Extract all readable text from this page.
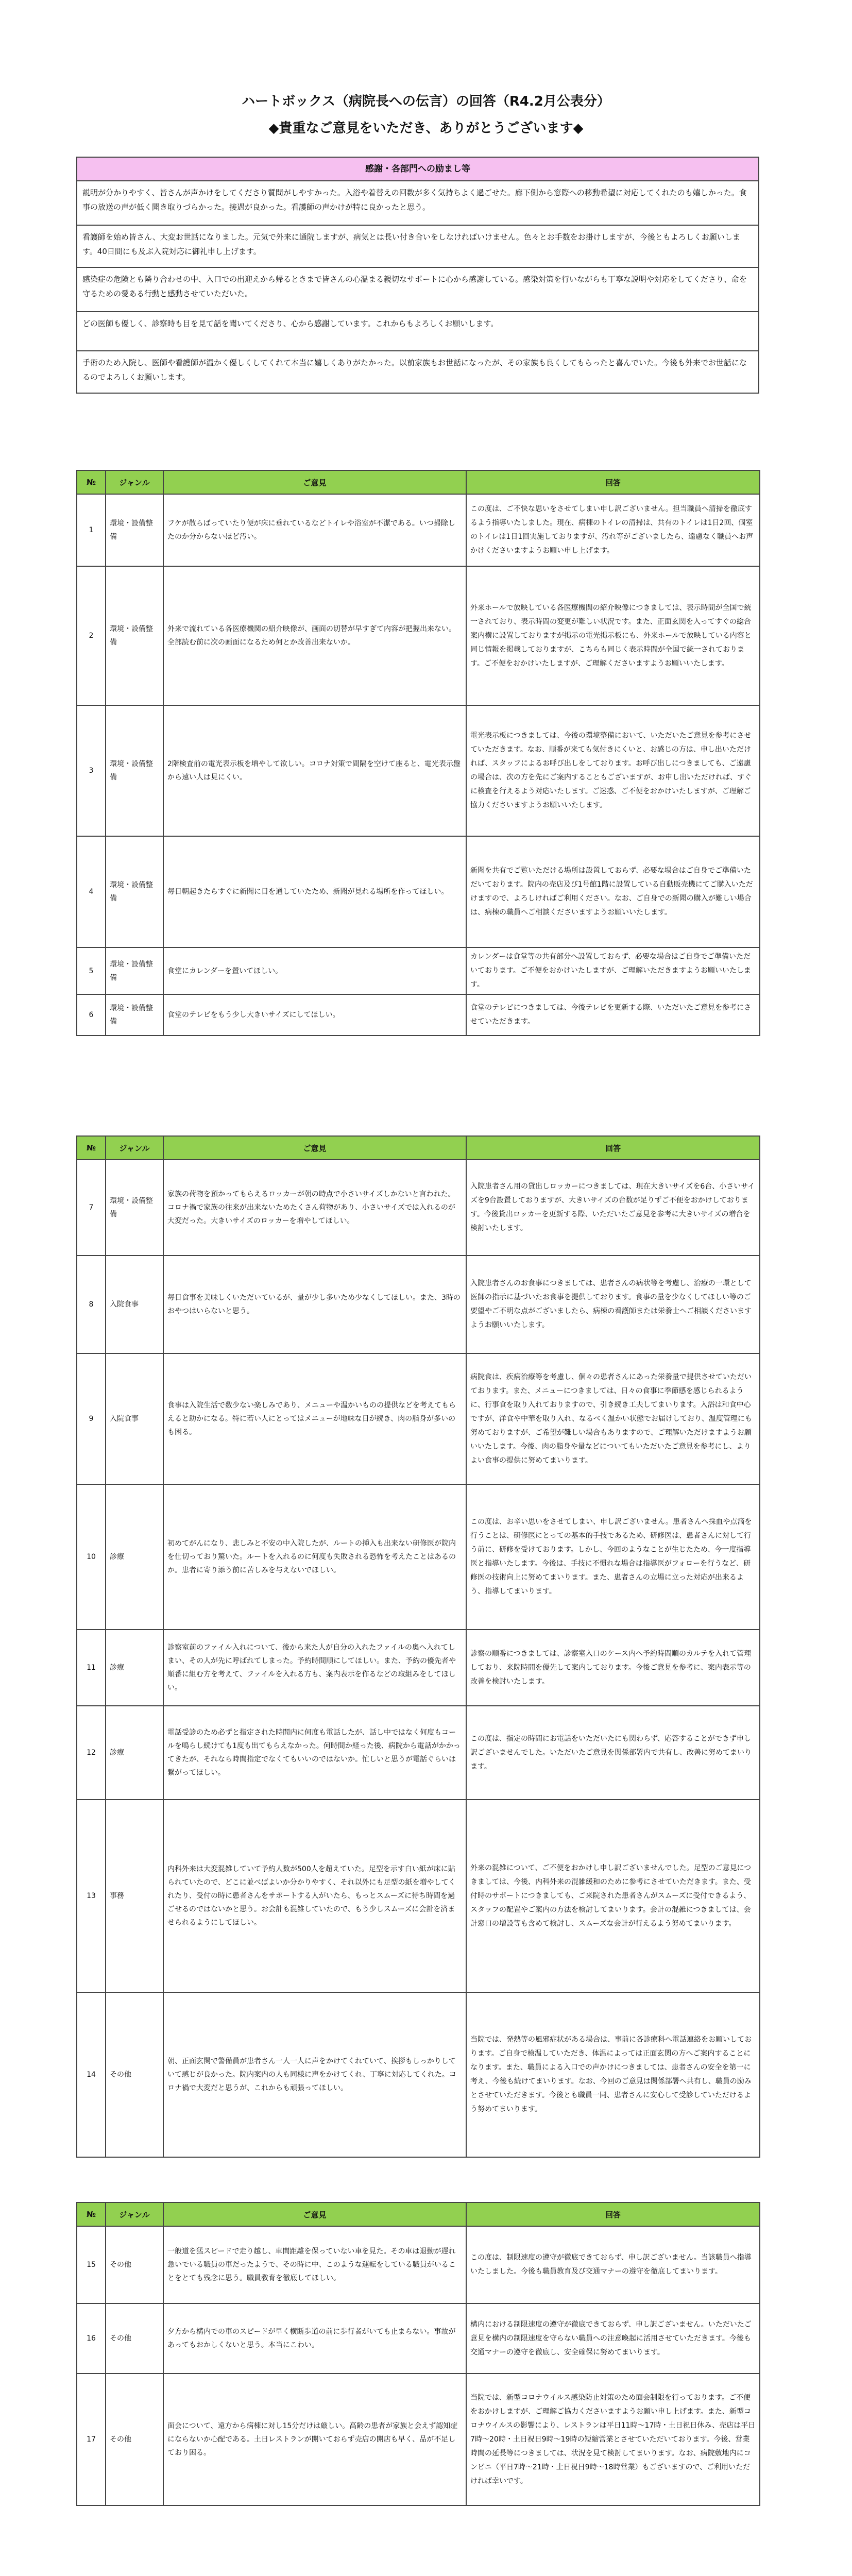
ハートボックス（病院長への伝言）の回答（R4.2月公表分）
◆貴重なご意見をいただき、ありがとうございます◆
感謝・各部門への励まし等
説明が分かりやすく、皆さんが声かけをしてくださり質問がしやすかった。入浴や着替えの回数が多く気持ちよく過ごせた。廊下側から窓際への移動希望に対応してくれたのも嬉しかった。食事の放送の声が低く聞き取りづらかった。接遇が良かった。看護師の声かけが特に良かったと思う。
看護師を始め皆さん、大変お世話になりました。元気で外来に通院しますが、病気とは長い付き合いをしなければいけません。色々とお手数をお掛けしますが、今後ともよろしくお願いします。40日間にも及ぶ入院対応に御礼申し上げます。
感染症の危険とも隣り合わせの中、入口での出迎えから帰るときまで皆さんの心温まる親切なサポートに心から感謝している。感染対策を行いながらも丁寧な説明や対応をしてくださり、命を守るための愛ある行動と感動させていただいた。
どの医師も優しく、診察時も目を見て話を聞いてくださり、心から感謝しています。これからもよろしくお願いします。
手術のため入院し、医師や看護師が温かく優しくしてくれて本当に嬉しくありがたかった。以前家族もお世話になったが、その家族も良くしてもらったと喜んでいた。今後も外来でお世話になるのでよろしくお願いします。
№	ジャンル	ご意見	回答
1	環境・設備整備	フケが散らばっていたり便が床に垂れているなどトイレや浴室が不潔である。いつ掃除したのか分からないほど汚い。	この度は、ご不快な思いをさせてしまい申し訳ございません。担当職員へ清掃を徹底するよう指導いたしました。現在、病棟のトイレの清掃は、共有のトイレは1日2回、個室のトイレは1日1回実施しておりますが、汚れ等がございましたら、遠慮なく職員へお声かけくださいますようお願い申し上げます。
2	環境・設備整備	外来で流れている各医療機関の紹介映像が、画面の切替が早すぎて内容が把握出来ない。全部読む前に次の画面になるため何とか改善出来ないか。	外来ホールで放映している各医療機関の紹介映像につきましては、表示時間が全国で統一されており、表示時間の変更が難しい状況です。また、正面玄関を入ってすぐの総合案内横に設置しておりますが掲示の電光掲示板にも、外来ホールで放映している内容と同じ情報を掲載しておりますが、こちらも同じく表示時間が全国で統一されております。ご不便をおかけいたしますが、ご理解くださいますようお願いいたします。
3	環境・設備整備	2階検査前の電光表示板を増やして欲しい。コロナ対策で間隔を空けて座ると、電光表示盤から遠い人は見にくい。	電光表示板につきましては、今後の環境整備において、いただいたご意見を参考にさせていただきます。なお、順番が来ても気付きにくいと、お感じの方は、申し出いただければ、スタッフによるお呼び出しをしております。お呼び出しにつきましても、ご遠慮の場合は、次の方を先にご案内することもございますが、お申し出いただければ、すぐに検査を行えるよう対応いたします。ご迷惑、ご不便をおかけいたしますが、ご理解ご協力くださいますようお願いいたします。
4	環境・設備整備	毎日朝起きたらすぐに新聞に目を通していたため、新聞が見れる場所を作ってほしい。	新聞を共有でご覧いただける場所は設置しておらず、必要な場合はご自身でご準備いただいております。院内の売店及び1号館1階に設置している自動販売機にてご購入いただけますので、よろしければご利用ください。なお、ご自身での新聞の購入が難しい場合は、病棟の職員へご相談くださいますようお願いいたします。
5	環境・設備整備	食堂にカレンダーを置いてほしい。	カレンダーは食堂等の共有部分へ設置しておらず、必要な場合はご自身でご準備いただいております。ご不便をおかけいたしますが、ご理解いただきますようお願いいたします。
6	環境・設備整備	食堂のテレビをもう少し大きいサイズにしてほしい。	食堂のテレビにつきましては、今後テレビを更新する際、いただいたご意見を参考にさせていただきます。
№	ジャンル	ご意見	回答
7	環境・設備整備	家族の荷物を預かってもらえるロッカーが朝の時点で小さいサイズしかないと言われた。コロナ禍で家族の往来が出来ないためたくさん荷物があり、小さいサイズでは入れるのが大変だった。大きいサイズのロッカーを増やしてほしい。	入院患者さん用の貸出しロッカーにつきましては、現在大きいサイズを6台、小さいサイズを9台設置しておりますが、大きいサイズの台数が足りずご不便をおかけしております。今後貸出ロッカーを更新する際、いただいたご意見を参考に大きいサイズの増台を検討いたします。
8	入院食事	毎日食事を美味しくいただいているが、量が少し多いため少なくしてほしい。また、3時のおやつはいらないと思う。	入院患者さんのお食事につきましては、患者さんの病状等を考慮し、治療の一環として医師の指示に基づいたお食事を提供しております。食事の量を少なくしてほしい等のご要望やご不明な点がございましたら、病棟の看護師または栄養士へご相談くださいますようお願いいたします。
9	入院食事	食事は入院生活で数少ない楽しみであり、メニューや温かいものの提供などを考えてもらえると助かになる。特に若い人にとってはメニューが地味な日が続き、肉の脂身が多いのも困る。	病院食は、疾病治療等を考慮し、個々の患者さんにあった栄養量で提供させていただいております。また、メニューにつきましては、日々の食事に季節感を感じられるように、行事食を取り入れておりますので、引き続き工夫してまいります。入浴は和食中心ですが、洋食や中華を取り入れ、なるべく温かい状態でお届けしており、温度管理にも努めておりますが、ご希望が難しい場合もありますので、ご理解いただけますようお願いいたします。今後、肉の脂身や量などについてもいただいたご意見を参考にし、よりよい食事の提供に努めてまいります。
10	診療	初めてがんになり、悲しみと不安の中入院したが、ルートの挿入も出来ない研修医が院内を仕切っており驚いた。ルートを入れるのに何度も失敗される恐怖を考えたことはあるのか。患者に寄り添う前に苦しみを与えないでほしい。	この度は、お辛い思いをさせてしまい、申し訳ございません。患者さんへ採血や点滴を行うことは、研修医にとっての基本的手技であるため、研修医は、患者さんに対して行う前に、研修を受けております。しかし、今回のようなことが生じたため、今一度指導医と指導いたします。今後は、手技に不慣れな場合は指導医がフォローを行うなど、研修医の技術向上に努めてまいります。また、患者さんの立場に立った対応が出来るよう、指導してまいります。
11	診療	診察室前のファイル入れについて、後から来た人が自分の入れたファイルの奥へ入れてしまい、その人が先に呼ばれてしまった。予約時間順にしてほしい。また、予約の優先者や順番に組む方を考えて、ファイルを入れる方も、案内表示を作るなどの取組みをしてほしい。	診察の順番につきましては、診察室入口のケース内へ予約時間順のカルテを入れて管理しており、来院時間を優先して案内しております。今後ご意見を参考に、案内表示等の改善を検討いたします。
12	診療	電話受診のため必ずと指定された時間内に何度も電話したが、話し中ではなく何度もコールを鳴らし続けても1度も出てもらえなかった。何時間か経った後、病院から電話がかかってきたが、それなら時間指定でなくてもいいのではないか。忙しいと思うが電話ぐらいは繋がってほしい。	この度は、指定の時間にお電話をいただいたにも関わらず、応答することができず申し訳ございませんでした。いただいたご意見を関係部署内で共有し、改善に努めてまいります。
13	事務	内科外来は大変混雑していて予約人数が500人を超えていた。足型を示す白い紙が床に貼られていたので、どこに並べばよいか分かりやすく、それ以外にも足型の紙を増やしてくれたり、受付の時に患者さんをサポートする人がいたら、もっとスムーズに待ち時間を過ごせるのではないかと思う。お会計も混雑していたので、もう少しスムーズに会計を済ませられるようにしてほしい。	外来の混雑について、ご不便をおかけし申し訳ございませんでした。足型のご意見につきましては、今後、内科外来の混雑緩和のために参考にさせていただきます。また、受付時のサポートにつきましても、ご来院された患者さんがスムーズに受付できるよう、スタッフの配置やご案内の方法を検討してまいります。会計の混雑につきましては、会計窓口の増設等も含めて検討し、スムーズな会計が行えるよう努めてまいります。
14	その他	朝、正面玄関で警備員が患者さん一人一人に声をかけてくれていて、挨拶もしっかりしていて感じが良かった。院内案内の人も同様に声をかけてくれ、丁寧に対応してくれた。コロナ禍で大変だと思うが、これからも頑張ってほしい。	当院では、発熱等の風邪症状がある場合は、事前に各診療科へ電話連絡をお願いしております。ご自身で検温していただき、体温によっては正面玄関の方へご案内することになります。また、職員による入口での声かけにつきましては、患者さんの安全を第一に考え、今後も続けてまいります。なお、今回のご意見は関係部署へ共有し、職員の励みとさせていただきます。今後とも職員一同、患者さんに安心して受診していただけるよう努めてまいります。
№	ジャンル	ご意見	回答
15	その他	一般道を猛スピードで走り越し、車間距離を保っていない車を見た。その車は退勤が遅れ急いでいる職員の車だったようで、その時に中、このような運転をしている職員がいることをとても残念に思う。職員教育を徹底してほしい。	この度は、制限速度の遵守が徹底できておらず、申し訳ございません。当該職員へ指導いたしました。今後も職員教育及び交通マナーの遵守を徹底してまいります。
16	その他	夕方から構内での車のスピードが早く横断歩道の前に歩行者がいても止まらない。事故があってもおかしくないと思う。本当にこわい。	構内における制限速度の遵守が徹底できておらず、申し訳ございません。いただいたご意見を構内の制限速度を守らない職員への注意喚起に活用させていただきます。今後も交通マナーの遵守を徹底し、安全確保に努めてまいります。
17	その他	面会について、遠方から病棟に対し15分だけは厳しい。高齢の患者が家族と会えず認知症にならないか心配である。土日レストランが開いておらず売店の開店も早く、品が不足しており困る。	当院では、新型コロナウイルス感染防止対策のため面会制限を行っております。ご不便をおかけしますが、ご理解ご協力くださいますようお願い申し上げます。また、新型コロナウイルスの影響により、レストランは平日11時～17時・土日祝日休み、売店は平日7時～20時・土日祝日9時～19時の短縮営業とさせていただいております。今後、営業時間の延長等につきましては、状況を見て検討してまいります。なお、病院敷地内にコンビニ（平日7時～21時・土日祝日9時～18時営業）もございますので、ご利用いただければ幸いです。
